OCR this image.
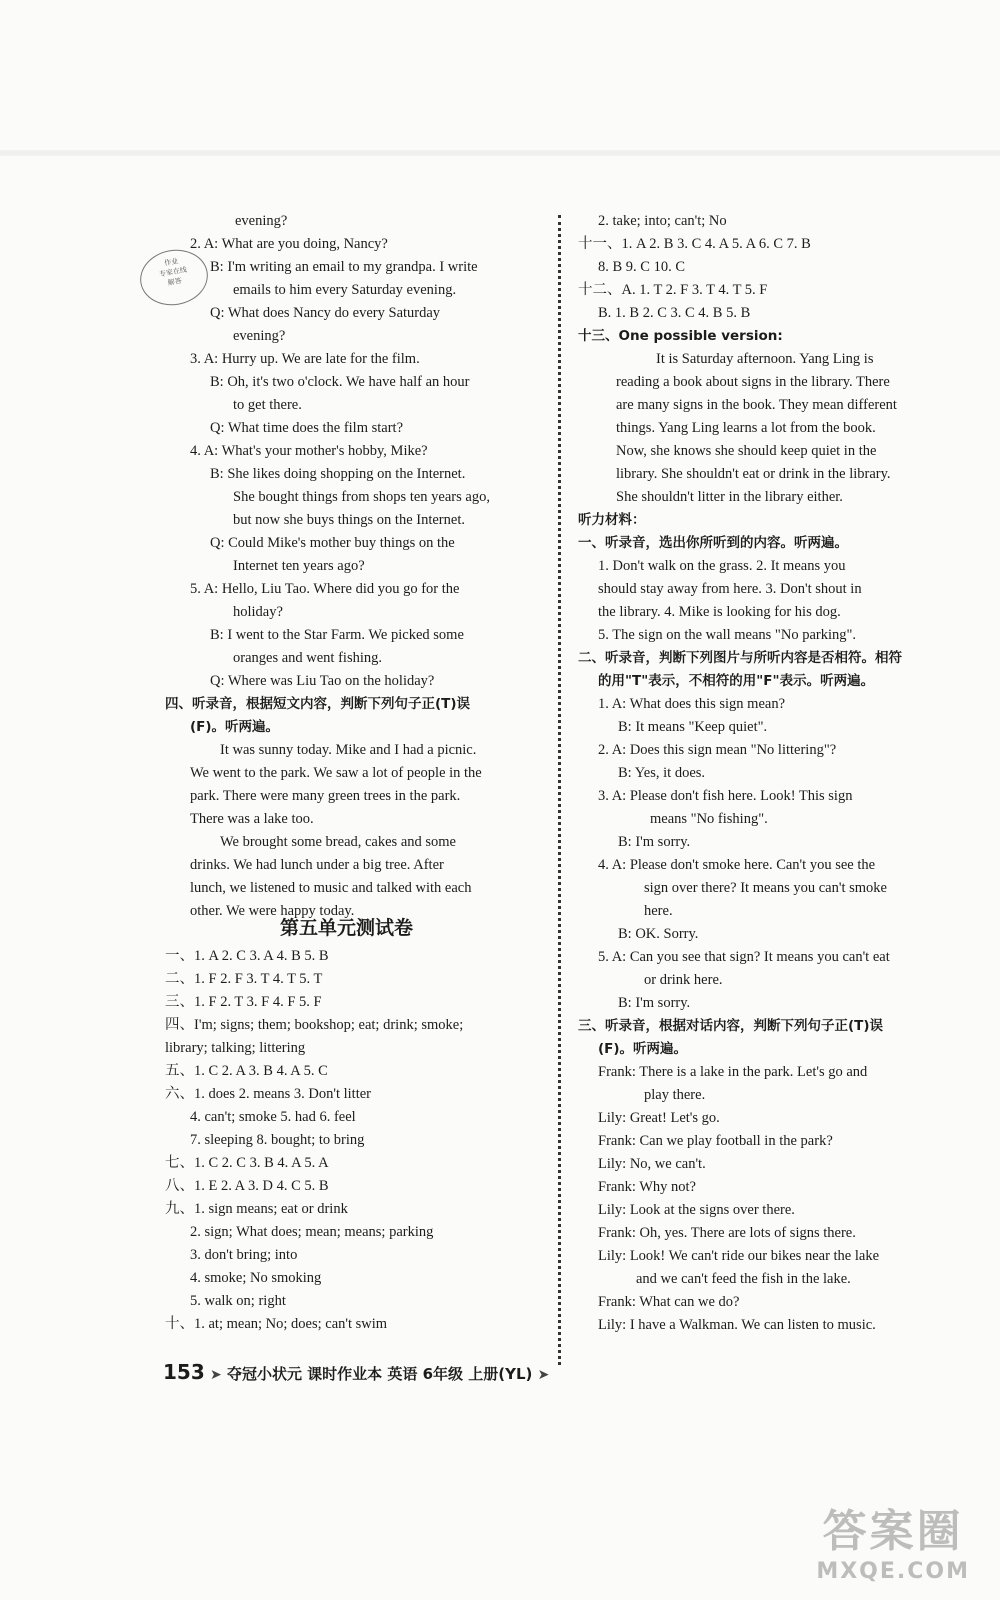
作业
专家在线
解答
evening?
2. A: What are you doing, Nancy?
B: I'm writing an email to my grandpa. I write
emails to him every Saturday evening.
Q: What does Nancy do every Saturday
evening?
3. A: Hurry up. We are late for the film.
B: Oh, it's two o'clock. We have half an hour
to get there.
Q: What time does the film start?
4. A: What's your mother's hobby, Mike?
B: She likes doing shopping on the Internet.
She bought things from shops ten years ago,
but now she buys things on the Internet.
Q: Could Mike's mother buy things on the
Internet ten years ago?
5. A: Hello, Liu Tao. Where did you go for the
holiday?
B: I went to the Star Farm. We picked some
oranges and went fishing.
Q: Where was Liu Tao on the holiday?
四、听录音，根据短文内容，判断下列句子正(T)误
(F)。听两遍。
It was sunny today. Mike and I had a picnic.
We went to the park. We saw a lot of people in the
park. There were many green trees in the park.
There was a lake too.
We brought some bread, cakes and some
drinks. We had lunch under a big tree. After
lunch, we listened to music and talked with each
other. We were happy today.
一、1. A 2. C 3. A 4. B 5. B
二、1. F 2. F 3. T 4. T 5. T
三、1. F 2. T 3. F 4. F 5. F
四、I'm; signs; them; bookshop; eat; drink; smoke;
library; talking; littering
五、1. C 2. A 3. B 4. A 5. C
六、1. does 2. means 3. Don't litter
4. can't; smoke 5. had 6. feel
7. sleeping 8. bought; to bring
七、1. C 2. C 3. B 4. A 5. A
八、1. E 2. A 3. D 4. C 5. B
九、1. sign means; eat or drink
2. sign; What does; mean; means; parking
3. don't bring; into
4. smoke; No smoking
5. walk on; right
十、1. at; mean; No; does; can't swim
2. take; into; can't; No
十一、1. A 2. B 3. C 4. A 5. A 6. C 7. B
8. B 9. C 10. C
十二、A. 1. T 2. F 3. T 4. T 5. F
B. 1. B 2. C 3. C 4. B 5. B
十三、One possible version:
It is Saturday afternoon. Yang Ling is
reading a book about signs in the library. There
are many signs in the book. They mean different
things. Yang Ling learns a lot from the book.
Now, she knows she should keep quiet in the
library. She shouldn't eat or drink in the library.
She shouldn't litter in the library either.
听力材料：
一、听录音，选出你所听到的内容。听两遍。
1. Don't walk on the grass. 2. It means you
should stay away from here. 3. Don't shout in
the library. 4. Mike is looking for his dog.
5. The sign on the wall means "No parking".
二、听录音，判断下列图片与所听内容是否相符。相符
的用"T"表示，不相符的用"F"表示。听两遍。
1. A: What does this sign mean?
B: It means "Keep quiet".
2. A: Does this sign mean "No littering"?
B: Yes, it does.
3. A: Please don't fish here. Look! This sign
means "No fishing".
B: I'm sorry.
4. A: Please don't smoke here. Can't you see the
sign over there? It means you can't smoke
here.
B: OK. Sorry.
5. A: Can you see that sign? It means you can't eat
or drink here.
B: I'm sorry.
三、听录音，根据对话内容，判断下列句子正(T)误
(F)。听两遍。
Frank: There is a lake in the park. Let's go and
play there.
Lily: Great! Let's go.
Frank: Can we play football in the park?
Lily: No, we can't.
Frank: Why not?
Lily: Look at the signs over there.
Frank: Oh, yes. There are lots of signs there.
Lily: Look! We can't ride our bikes near the lake
and we can't feed the fish in the lake.
Frank: What can we do?
Lily: I have a Walkman. We can listen to music.
第五单元测试卷
153 ➤ 夺冠小状元 课时作业本 英语 6年级 上册(YL) ➤
答案圈
MXQE.COM
